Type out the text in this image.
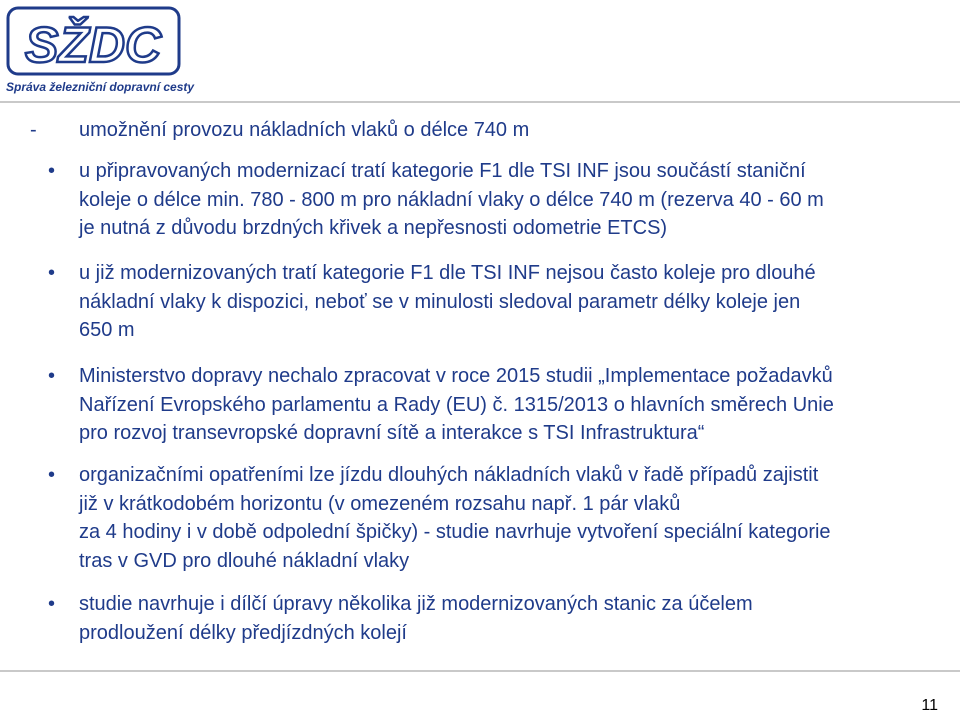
SŽDC
Správa železniční dopravní cesty
- umožnění provozu nákladních vlaků o délce 740 m
• u připravovaných modernizací tratí kategorie F1 dle TSI INF jsou součástí staniční
koleje o délce min. 780 - 800 m pro nákladní vlaky o délce 740 m (rezerva 40 - 60 m
je nutná z důvodu brzdných křivek a nepřesnosti odometrie ETCS)
• u již modernizovaných tratí kategorie F1 dle TSI INF nejsou často koleje pro dlouhé
nákladní vlaky k dispozici, neboť se v minulosti sledoval parametr délky koleje jen
650 m
• Ministerstvo dopravy nechalo zpracovat v roce 2015 studii „Implementace požadavků
Nařízení Evropského parlamentu a Rady (EU) č. 1315/2013 o hlavních směrech Unie
pro rozvoj transevropské dopravní sítě a interakce s TSI Infrastruktura“
• organizačními opatřeními lze jízdu dlouhých nákladních vlaků v řadě případů zajistit
již v krátkodobém horizontu (v omezeném rozsahu např. 1 pár vlaků
za 4 hodiny i v době odpolední špičky) - studie navrhuje vytvoření speciální kategorie
tras v GVD pro dlouhé nákladní vlaky
• studie navrhuje i dílčí úpravy několika již modernizovaných stanic za účelem
prodloužení délky předjízdných kolejí
11
